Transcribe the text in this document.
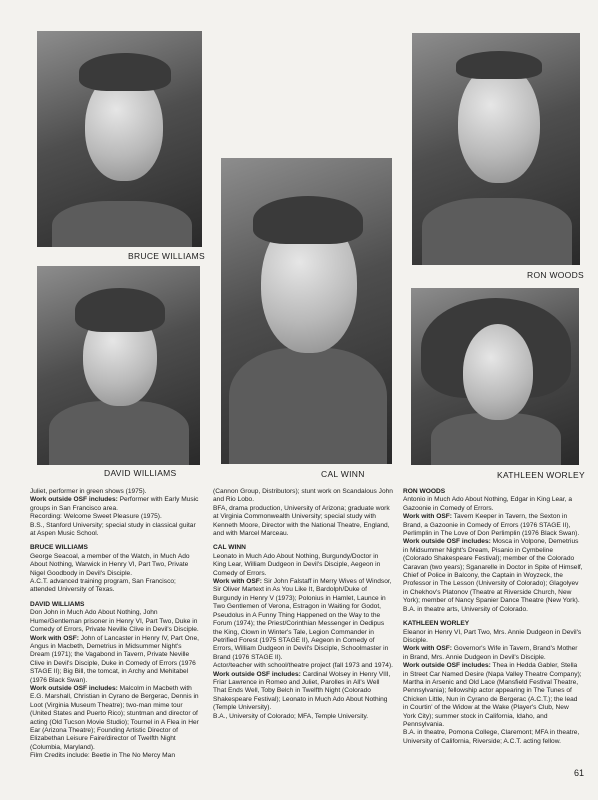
BRUCE WILLIAMS
RON WOODS
DAVID WILLIAMS	CAL WINN	KATHLEEN WORLEY

Juliet, performer in green shows (1975).
Work outside OSF includes: Performer with Early Music groups in San Francisco area.
Recording: Welcome Sweet Pleasure (1975).
B.S., Stanford University; special study in classical guitar at Aspen Music School.

BRUCE WILLIAMS
George Seacoal, a member of the Watch, in Much Ado About Nothing, Warwick in Henry VI, Part Two, Private Nigel Goodbody in Devil's Disciple.
A.C.T. advanced training program, San Francisco; attended University of Texas.

DAVID WILLIAMS
Don John in Much Ado About Nothing, John Hume/Gentleman prisoner in Henry VI, Part Two, Duke in Comedy of Errors, Private Neville Clive in Devil's Disciple.
Work with OSF: John of Lancaster in Henry IV, Part One, Angus in Macbeth, Demetrius in Midsummer Night's Dream (1971); the Vagabond in Tavern, Private Neville Clive in Devil's Disciple, Duke in Comedy of Errors (1976 STAGE II); Big Bill, the tomcat, in Archy and Mehitabel (1976 Black Swan).
Work outside OSF includes: Malcolm in Macbeth with E.G. Marshall, Christian in Cyrano de Bergerac, Dennis in Loot (Virginia Museum Theatre); two-man mime tour (United States and Puerto Rico); stuntman and director of acting (Old Tucson Movie Studio); Tournel in A Flea in Her Ear (Arizona Theatre); Founding Artistic Director of Elizabethan Leisure Faire/director of Twelfth Night (Columbia, Maryland).
Film Credits include: Beetle in The No Mercy Man

(Cannon Group, Distributors); stunt work on Scandalous John and Rio Lobo.
BFA, drama production, University of Arizona; graduate work at Virginia Commonwealth University; special study with Kenneth Moore, Director with the National Theatre, England, and with Marcel Marceau.

CAL WINN
Leonato in Much Ado About Nothing, Burgundy/Doctor in King Lear, William Dudgeon in Devil's Disciple, Aegeon in Comedy of Errors.
Work with OSF: Sir John Falstaff in Merry Wives of Windsor, Sir Oliver Martext in As You Like It, Bardolph/Duke of Burgundy in Henry V (1973); Polonius in Hamlet, Launce in Two Gentlemen of Verona, Estragon in Waiting for Godot, Pseudolus in A Funny Thing Happened on the Way to the Forum (1974); the Priest/Corinthian Messenger in Oedipus the King, Clown in Winter's Tale, Legion Commander in Petrified Forest (1975 STAGE II), Aegeon in Comedy of Errors, William Dudgeon in Devil's Disciple, Schoolmaster in Brand (1976 STAGE II).
Actor/teacher with school/theatre project (fall 1973 and 1974).
Work outside OSF includes: Cardinal Wolsey in Henry VIII, Friar Lawrence in Romeo and Juliet, Parolles in All's Well That Ends Well, Toby Belch in Twelfth Night (Colorado Shakespeare Festival); Leonato in Much Ado About Nothing (Temple University).
B.A., University of Colorado; MFA, Temple University.

RON WOODS
Antonio in Much Ado About Nothing, Edgar in King Lear, a Gazoonie in Comedy of Errors.
Work with OSF: Tavern Keeper in Tavern, the Sexton in Brand, a Gazoonie in Comedy of Errors (1976 STAGE II), Perlimplin in The Love of Don Perlimplin (1976 Black Swan).
Work outside OSF includes: Mosca in Volpone, Demetrius in Midsummer Night's Dream, Pisanio in Cymbeline (Colorado Shakespeare Festival); member of the Colorado Caravan (two years); Sganarelle in Doctor in Spite of Himself, Chief of Police in Balcony, the Captain in Woyzeck, the Professor in The Lesson (University of Colorado); Glagolyev in Chekhov's Platonov (Theatre at Riverside Church, New York); member of Nancy Spanier Dance Theatre (New York).
B.A. in theatre arts, University of Colorado.

KATHLEEN WORLEY
Eleanor in Henry VI, Part Two, Mrs. Annie Dudgeon in Devil's Disciple.
Work with OSF: Governor's Wife in Tavern, Brand's Mother in Brand, Mrs. Annie Dudgeon in Devil's Disciple.
Work outside OSF includes: Thea in Hedda Gabler, Stella in Street Car Named Desire (Napa Valley Theatre Company); Martha in Arsenic and Old Lace (Mansfield Festival Theatre, Pennsylvania); fellowship actor appearing in The Tunes of Chicken Little, Nun in Cyrano de Bergerac (A.C.T.); the lead in Courtin' of the Widow at the Wake (Player's Club, New York City); summer stock in California, Idaho, and Pennsylvania.
B.A. in theatre, Pomona College, Claremont; MFA in theatre, University of California, Riverside; A.C.T. acting fellow.

61
